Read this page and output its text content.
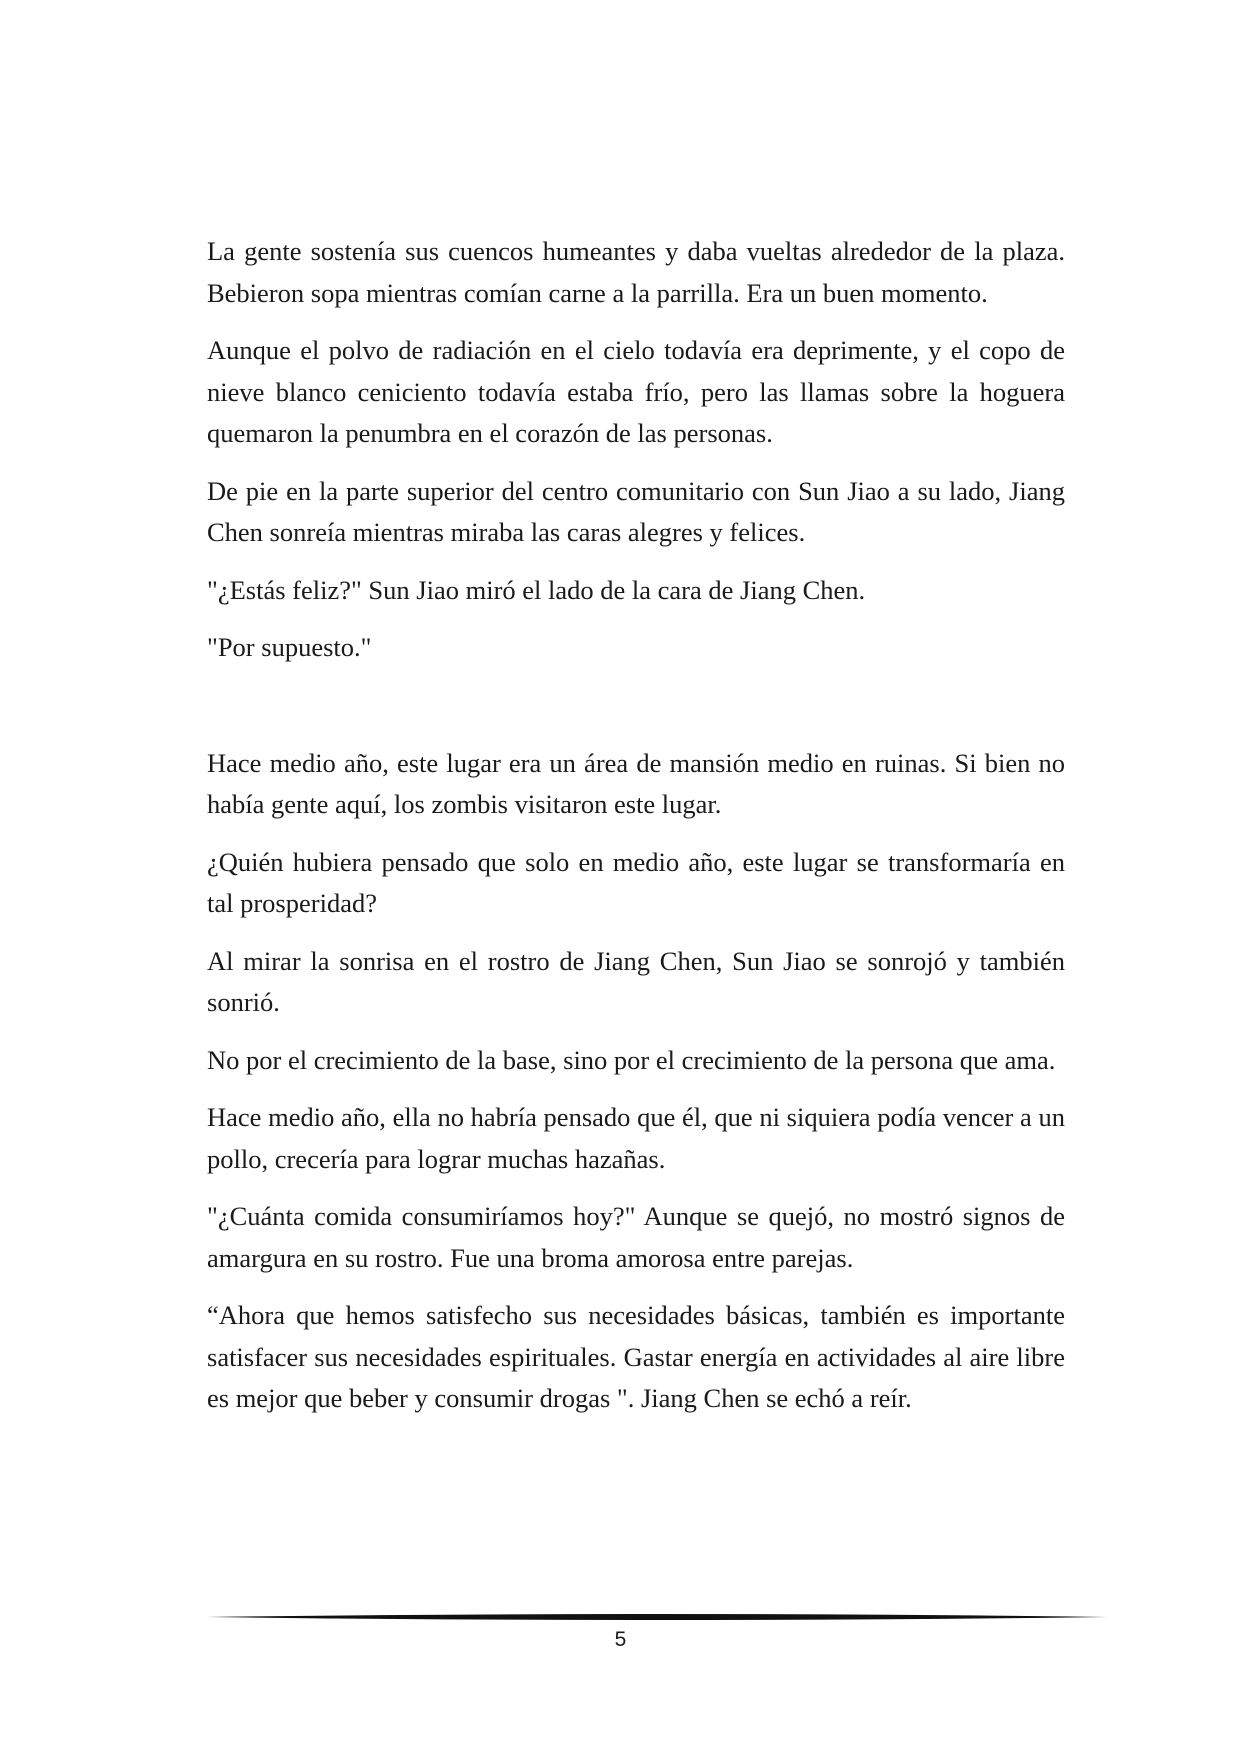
La gente sostenía sus cuencos humeantes y daba vueltas alrededor de la plaza. Bebieron sopa mientras comían carne a la parrilla. Era un buen momento.

Aunque el polvo de radiación en el cielo todavía era deprimente, y el copo de nieve blanco ceniciento todavía estaba frío, pero las llamas sobre la hoguera quemaron la penumbra en el corazón de las personas.

De pie en la parte superior del centro comunitario con Sun Jiao a su lado, Jiang Chen sonreía mientras miraba las caras alegres y felices.

"¿Estás feliz?" Sun Jiao miró el lado de la cara de Jiang Chen.

"Por supuesto."

Hace medio año, este lugar era un área de mansión medio en ruinas. Si bien no había gente aquí, los zombis visitaron este lugar.

¿Quién hubiera pensado que solo en medio año, este lugar se transformaría en tal prosperidad?

Al mirar la sonrisa en el rostro de Jiang Chen, Sun Jiao se sonrojó y también sonrió.

No por el crecimiento de la base, sino por el crecimiento de la persona que ama.

Hace medio año, ella no habría pensado que él, que ni siquiera podía vencer a un pollo, crecería para lograr muchas hazañas.

"¿Cuánta comida consumiríamos hoy?" Aunque se quejó, no mostró signos de amargura en su rostro. Fue una broma amorosa entre parejas.

“Ahora que hemos satisfecho sus necesidades básicas, también es importante satisfacer sus necesidades espirituales. Gastar energía en actividades al aire libre es mejor que beber y consumir drogas ". Jiang Chen se echó a reír.

5
